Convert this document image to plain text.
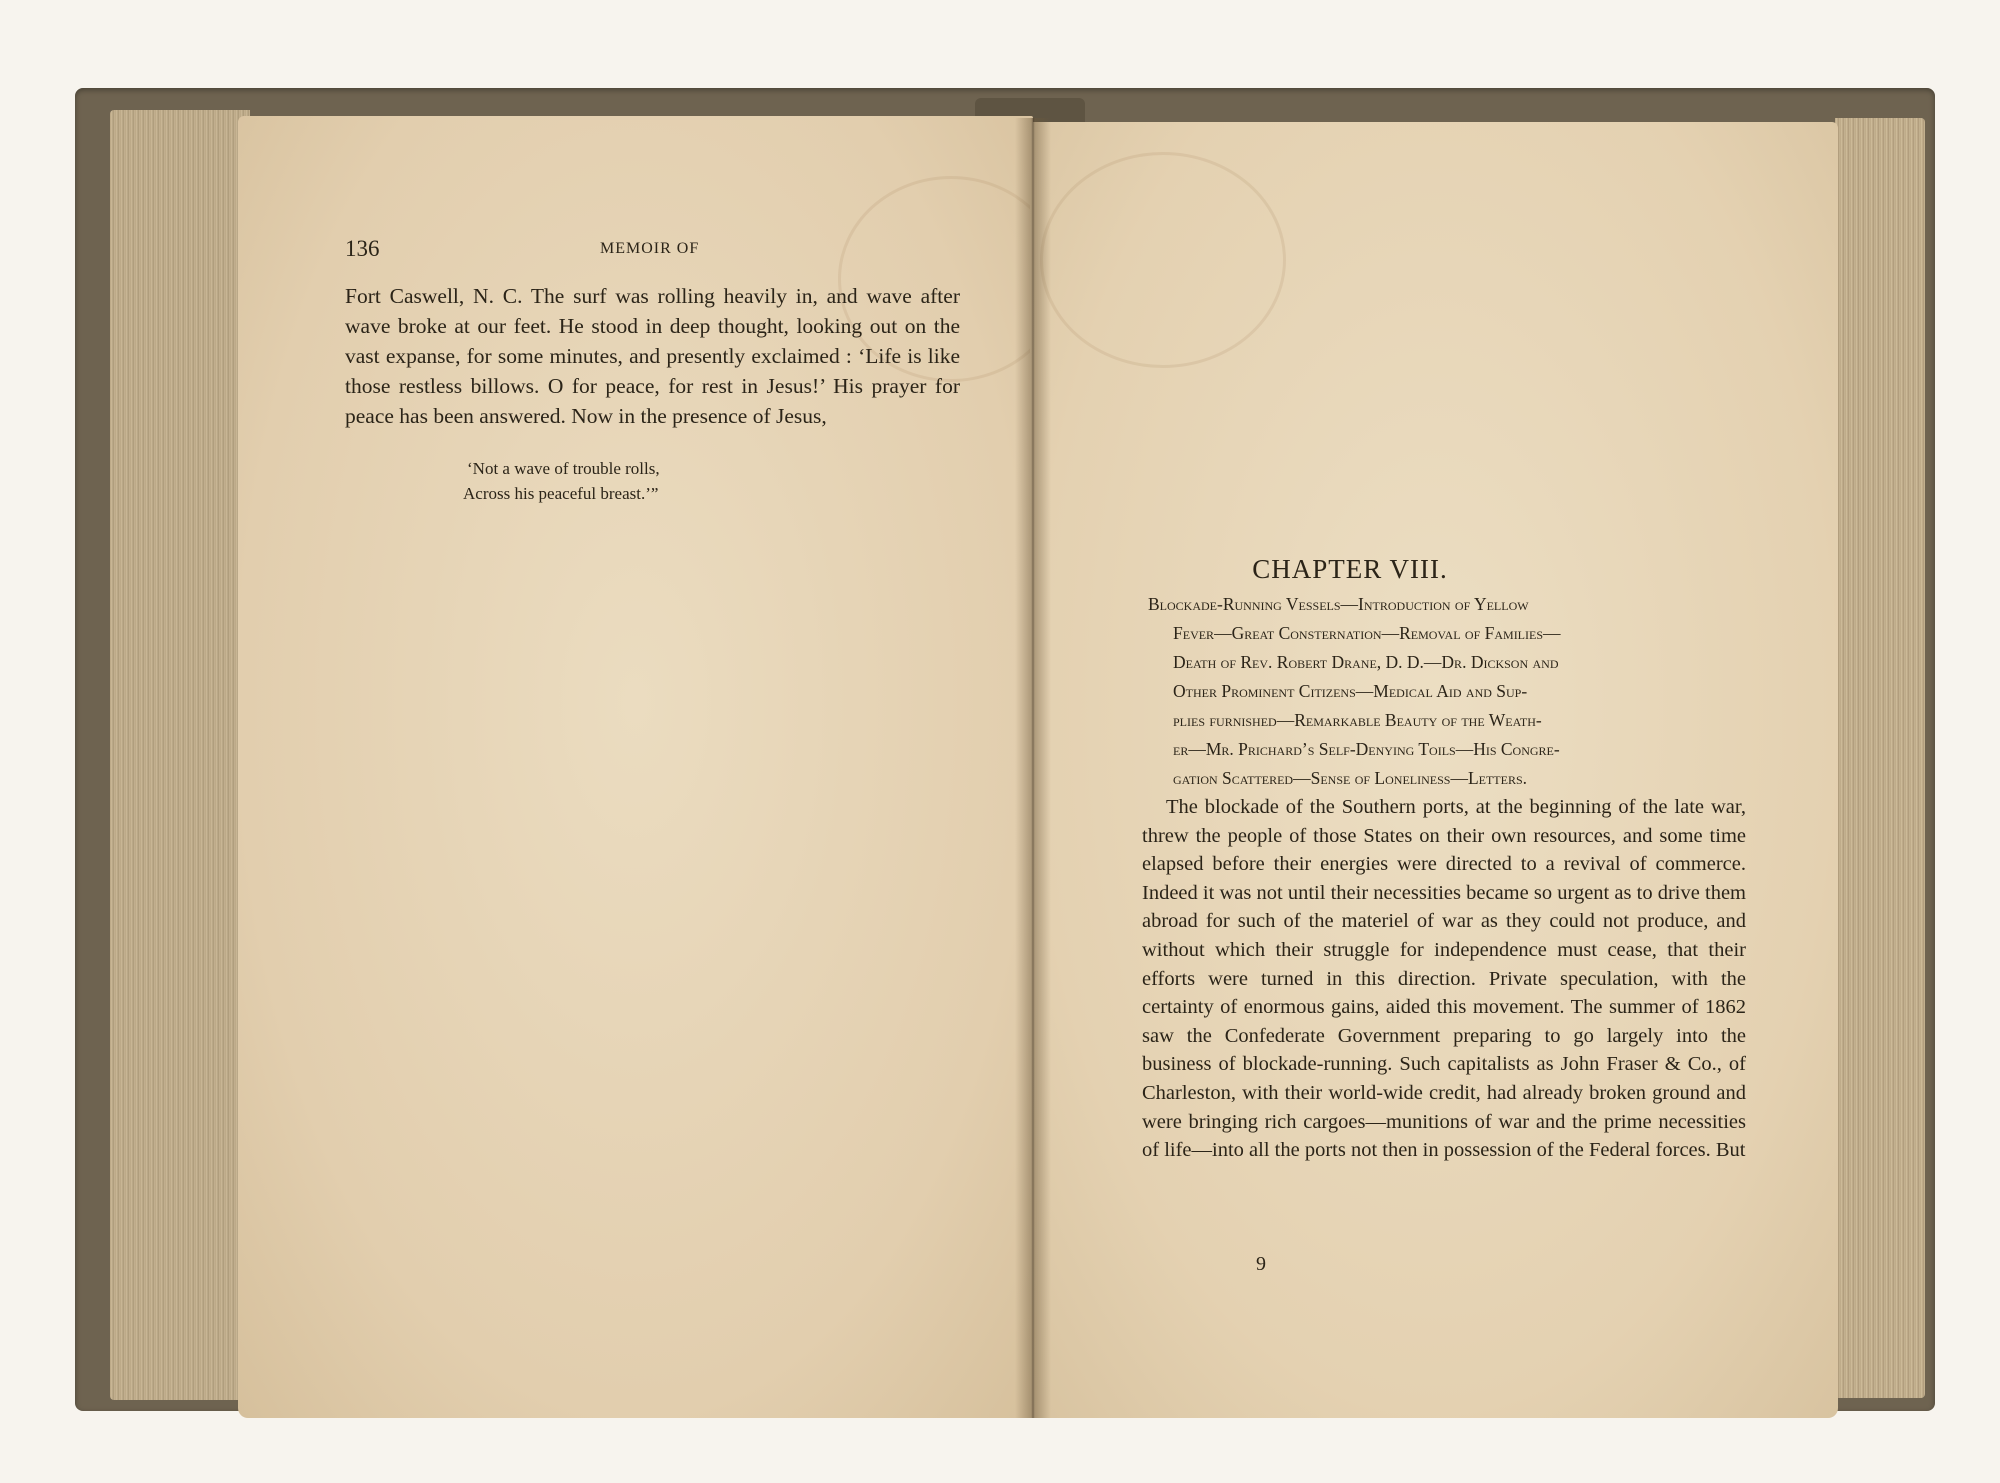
136	MEMOIR OF
Fort Caswell, N. C. The surf was rolling heavily in, and wave after wave broke at our feet. He stood in deep thought, looking out on the vast expanse, for some minutes, and presently exclaimed : ‘Life is like those restless billows. O for peace, for rest in Jesus!’ His prayer for peace has been answered. Now in the presence of Jesus,
‘Not a wave of trouble rolls,
Across his peaceful breast.’”
CHAPTER VIII.
Blockade-Running Vessels—Introduction of Yellow
Fever—Great Consternation—Removal of Families—
Death of Rev. Robert Drane, D. D.—Dr. Dickson and
Other Prominent Citizens—Medical Aid and Sup-
plies furnished—Remarkable Beauty of the Weath-
er—Mr. Prichard’s Self-Denying Toils—His Congre-
gation Scattered—Sense of Loneliness—Letters.

The blockade of the Southern ports, at the beginning of the late war, threw the people of those States on their own resources, and some time elapsed before their energies were directed to a revival of commerce. Indeed it was not until their necessities became so urgent as to drive them abroad for such of the materiel of war as they could not produce, and without which their struggle for independence must cease, that their efforts were turned in this direction. Private speculation, with the certainty of enormous gains, aided this movement. The summer of 1862 saw the Confederate Government preparing to go largely into the business of blockade-running. Such capitalists as John Fraser & Co., of Charleston, with their world-wide credit, had already broken ground and were bringing rich cargoes—munitions of war and the prime necessities of life—into all the ports not then in possession of the Federal forces. But

9
